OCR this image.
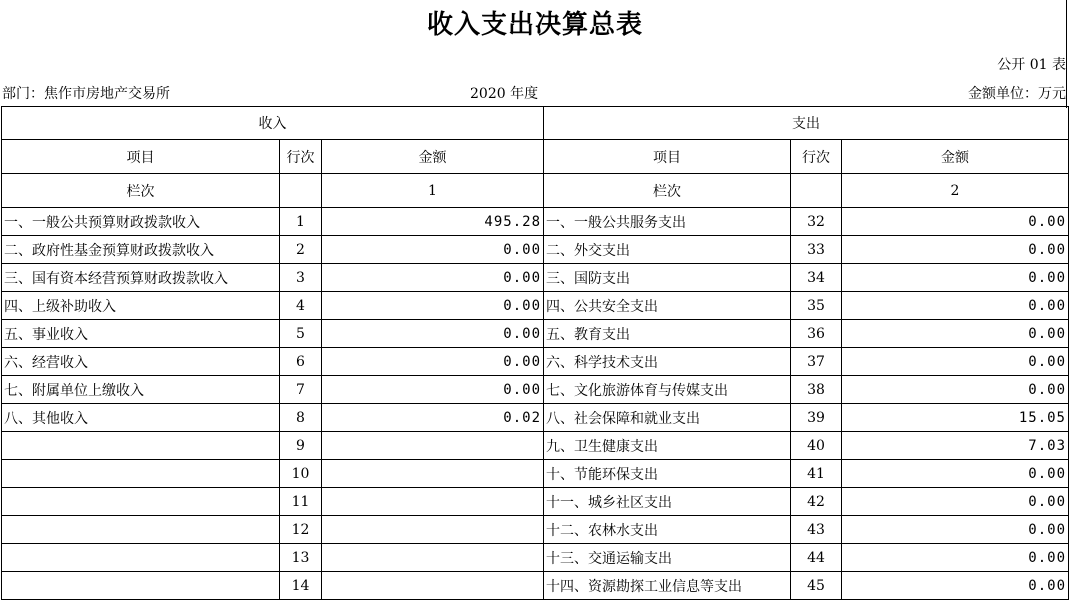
收入支出决算总表
公开 01 表
部门：焦作市房地产交易所	2020 年度	金额单位：万元
收入			支出		
项目	行次	金额	项目	行次	金额
栏次		1	栏次		2
一、一般公共预算财政拨款收入	1	495.28	一、一般公共服务支出	32	0.00
二、政府性基金预算财政拨款收入	2	0.00	二、外交支出	33	0.00
三、国有资本经营预算财政拨款收入	3	0.00	三、国防支出	34	0.00
四、上级补助收入	4	0.00	四、公共安全支出	35	0.00
五、事业收入	5	0.00	五、教育支出	36	0.00
六、经营收入	6	0.00	六、科学技术支出	37	0.00
七、附属单位上缴收入	7	0.00	七、文化旅游体育与传媒支出	38	0.00
八、其他收入	8	0.02	八、社会保障和就业支出	39	15.05
	9		九、卫生健康支出	40	7.03
	10		十、节能环保支出	41	0.00
	11		十一、城乡社区支出	42	0.00
	12		十二、农林水支出	43	0.00
	13		十三、交通运输支出	44	0.00
	14		十四、资源勘探工业信息等支出	45	0.00
